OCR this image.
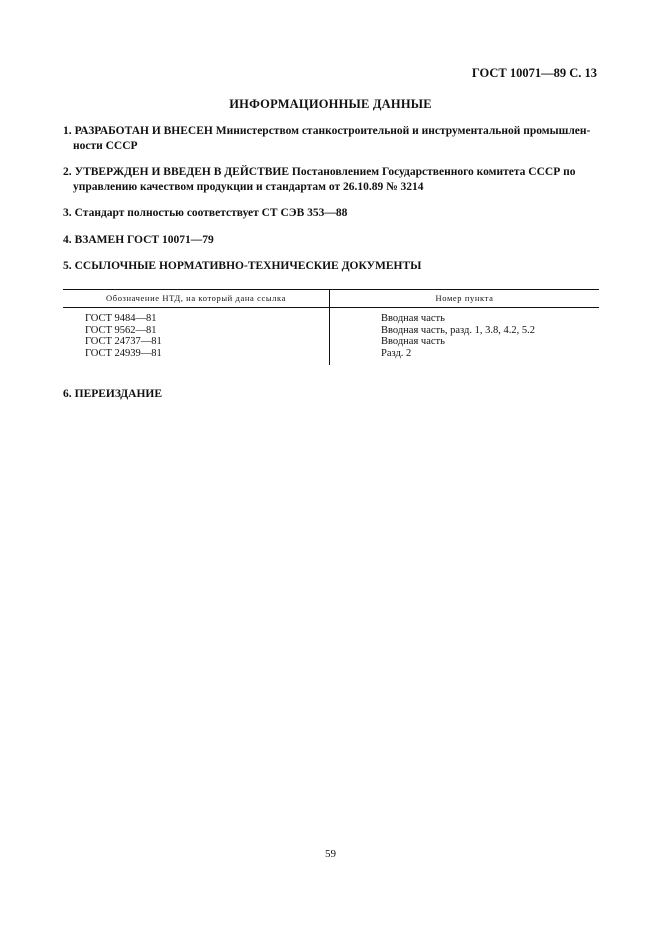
ГОСТ 10071—89 С. 13
ИНФОРМАЦИОННЫЕ ДАННЫЕ
1. РАЗРАБОТАН И ВНЕСЕН Министерством станкостроительной и инструментальной промышлен-
ности СССР
2. УТВЕРЖДЕН И ВВЕДЕН В ДЕЙСТВИЕ Постановлением Государственного комитета СССР по
управлению качеством продукции и стандартам от 26.10.89 № 3214
3. Стандарт полностью соответствует СТ СЭВ 353—88
4. ВЗАМЕН ГОСТ 10071—79
5. ССЫЛОЧНЫЕ НОРМАТИВНО-ТЕХНИЧЕСКИЕ ДОКУМЕНТЫ
Обозначение НТД, на который дана ссылка	Номер пункта
ГОСТ 9484—81
ГОСТ 9562—81
ГОСТ 24737—81
ГОСТ 24939—81
Вводная часть
Вводная часть, разд. 1, 3.8, 4.2, 5.2
Вводная часть
Разд. 2
6. ПЕРЕИЗДАНИЕ
59
